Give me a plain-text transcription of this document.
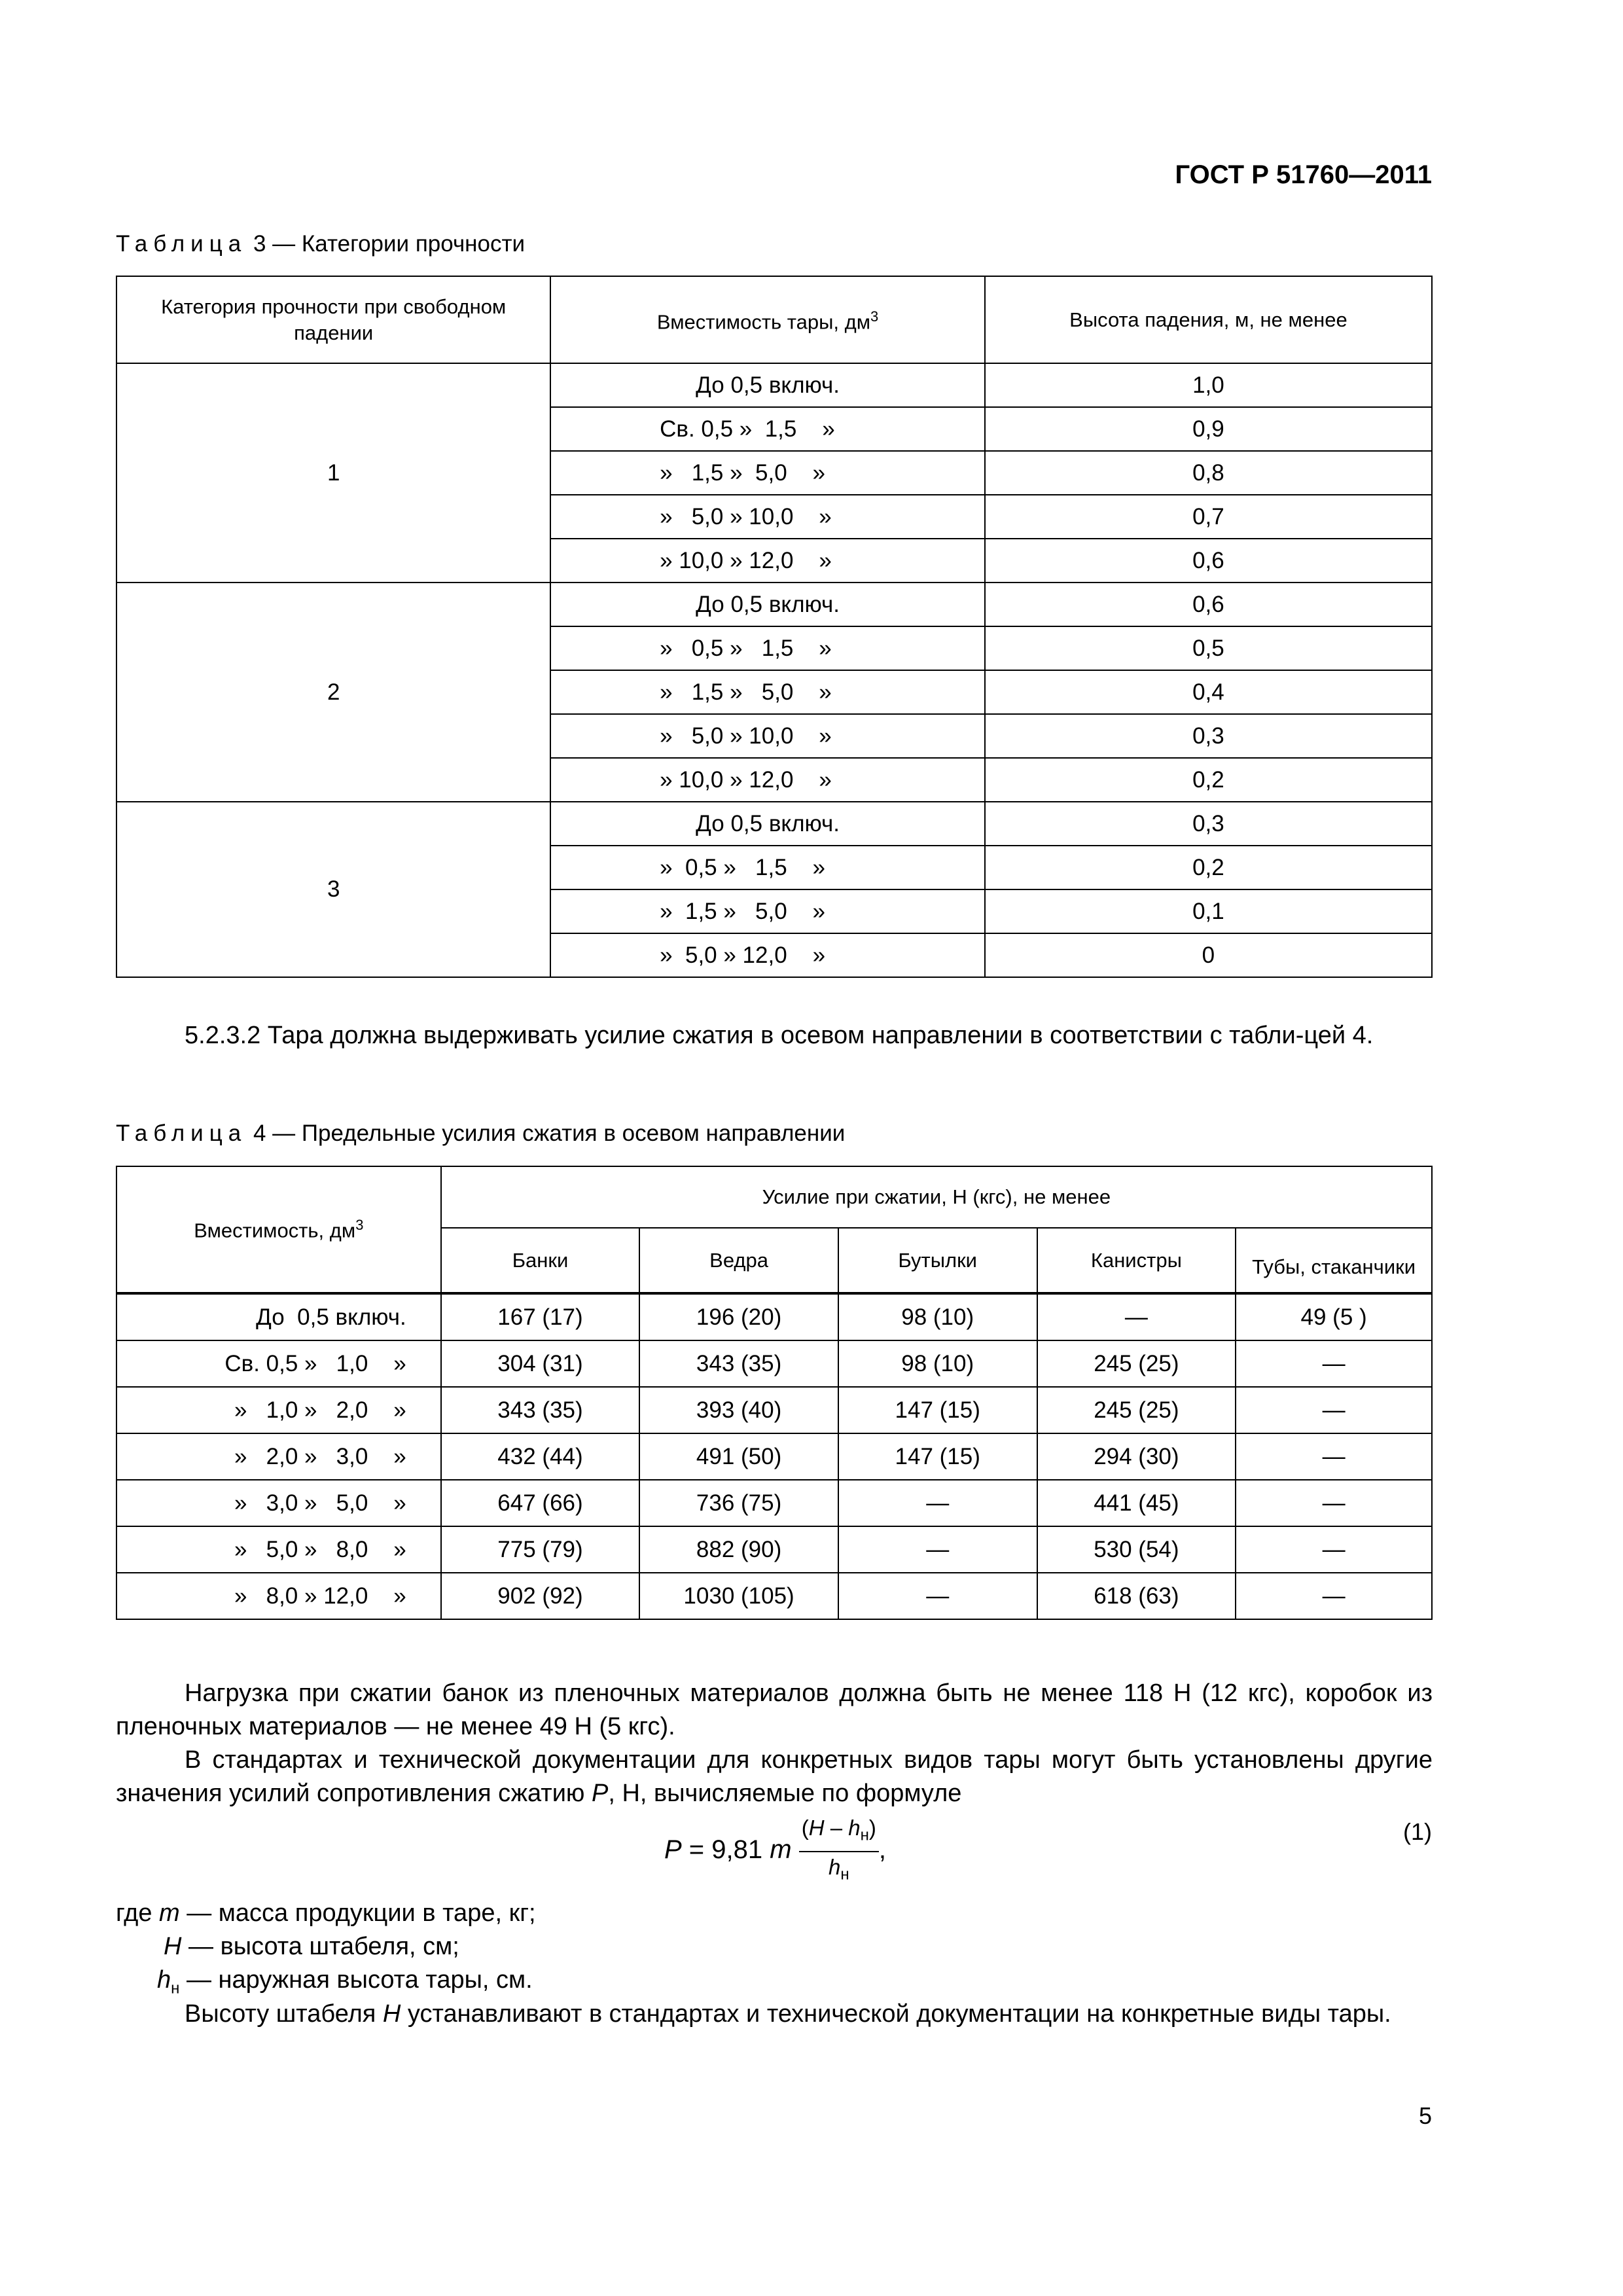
ГОСТ Р 51760—2011
Таблица 3 — Категории прочности
Категория прочности при свободном падении	Вместимость тары, $дм^3$	Высота падения, м, не менее
1	До 0,5 включ.	1,0
	Св. 0,5 »  1,5    »	0,9
	»   1,5 »  5,0    »	0,8
	»   5,0 » 10,0    »	0,7
	» 10,0 » 12,0    »	0,6
2	До 0,5 включ.	0,6
	»   0,5 »   1,5    »	0,5
	»   1,5 »   5,0    »	0,4
	»   5,0 » 10,0    »	0,3
	» 10,0 » 12,0    »	0,2
3	До 0,5 включ.	0,3
	»  0,5 »   1,5    »	0,2
	»  1,5 »   5,0    »	0,1
	»  5,0 » 12,0    »	0
5.2.3.2 Тара должна выдерживать усилие сжатия в осевом направлении в соответствии с табли-цей 4.
Таблица 4 — Предельные усилия сжатия в осевом направлении
Вместимость, $дм^3$	Усилие при сжатии, Н (кгс), не менее				
	Банки	Ведра	Бутылки	Канистры	Тубы, стаканчики

До  0,5 включ.	167 (17)	196 (20)	98 (10)	—	49 (5 )

Св. 0,5 »   1,0    »	304 (31)	343 (35)	98 (10)	245 (25)	—

»   1,0 »   2,0    »	343 (35)	393 (40)	147 (15)	245 (25)	—

»   2,0 »   3,0    »	432 (44)	491 (50)	147 (15)	294 (30)	—

»   3,0 »   5,0    »	647 (66)	736 (75)	—	441 (45)	—

»   5,0 »   8,0    »	775 (79)	882 (90)	—	530 (54)	—

»   8,0 » 12,0    »	902 (92)	1030 (105)	—	618 (63)	—
Нагрузка при сжатии банок из пленочных материалов должна быть не менее 118 Н (12 кгс), коробок из пленочных материалов — не менее 49 Н (5 кгс).
В стандартах и технической документации для конкретных видов тары могут быть установлены другие значения усилий сопротивления сжатию P, Н, вычисляемые по формуле
P = 9,81 m $\frac{(H - h_н)}{h_н}$ ,
(1)
где m — масса продукции в таре, кг;
H — высота штабеля, см;
$h_н$ — наружная высота тары, см.
Высоту штабеля H устанавливают в стандартах и технической документации на конкретные виды тары.
5
